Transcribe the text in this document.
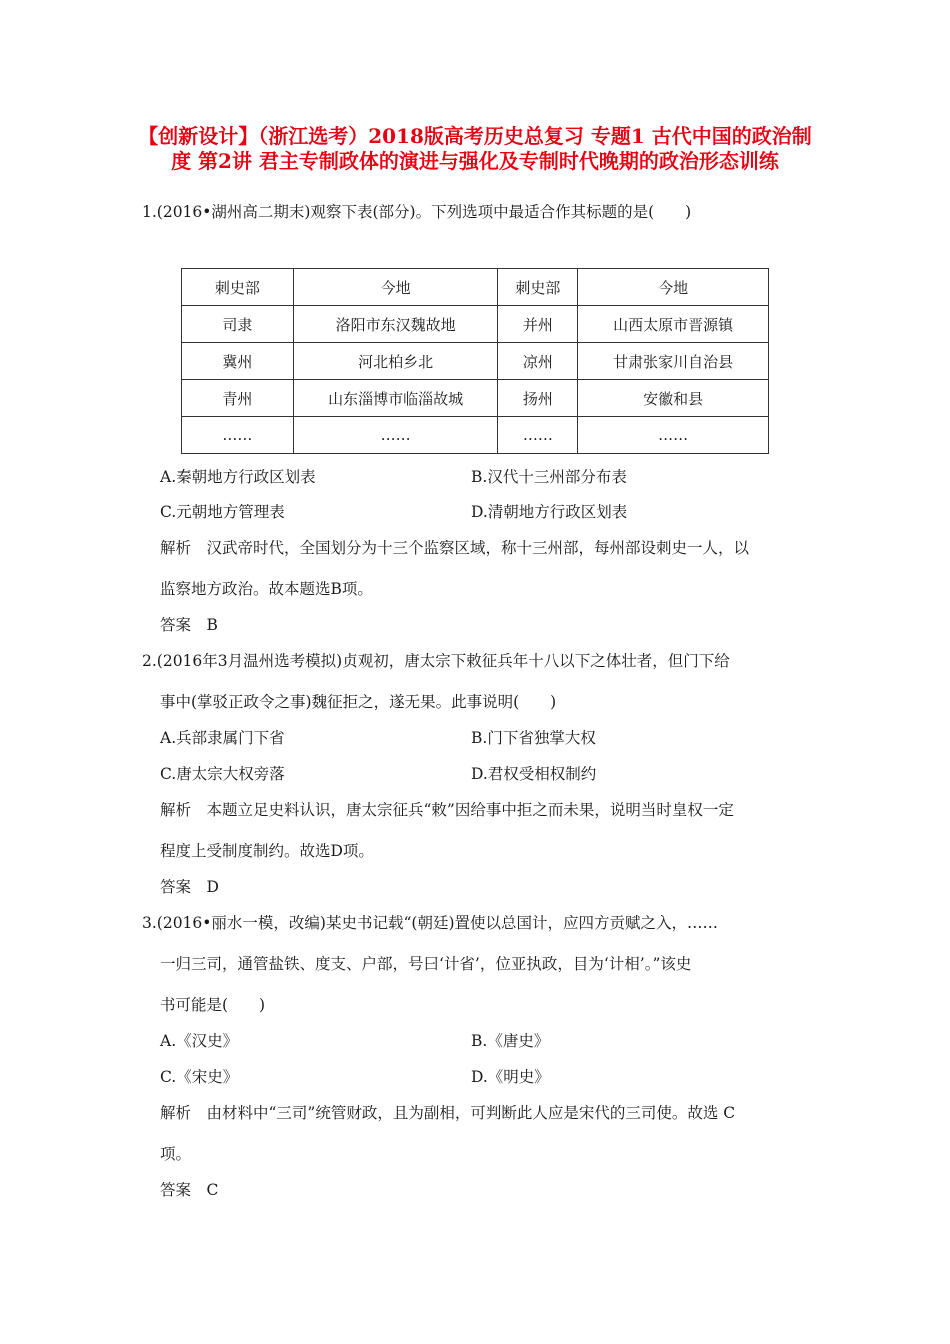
【创新设计】（浙江选考）2018版高考历史总复习 专题1 古代中国的政治制度 第2讲 君主专制政体的演进与强化及专制时代晚期的政治形态训练
1.(2016•湖州高二期末)观察下表(部分)。下列选项中最适合作其标题的是(　　)
刺史部	今地	刺史部	今地
司隶	洛阳市东汉魏故地	并州	山西太原市晋源镇
冀州	河北柏乡北	凉州	甘肃张家川自治县
青州	山东淄博市临淄故城	扬州	安徽和县
……	……	……	……
A.秦朝地方行政区划表	B.汉代十三州部分布表
C.元朝地方管理表	D.清朝地方行政区划表
解析　汉武帝时代，全国划分为十三个监察区域，称十三州部，每州部设刺史一人，以
监察地方政治。故本题选B项。
答案　B
2.(2016年3月温州选考模拟)贞观初，唐太宗下敕征兵年十八以下之体壮者，但门下给
事中(掌驳正政令之事)魏征拒之，遂无果。此事说明(　　)
A.兵部隶属门下省	B.门下省独掌大权
C.唐太宗大权旁落	D.君权受相权制约
解析　本题立足史料认识，唐太宗征兵“敕”因给事中拒之而未果，说明当时皇权一定
程度上受制度制约。故选D项。
答案　D
3.(2016•丽水一模，改编)某史书记载“(朝廷)置使以总国计，应四方贡赋之入，……
一归三司，通管盐铁、度支、户部，号曰‘计省’，位亚执政，目为‘计相’。”该史
书可能是(　　)
A.《汉史》	B.《唐史》
C.《宋史》	D.《明史》
解析　由材料中“三司”统管财政，且为副相，可判断此人应是宋代的三司使。故选 C
项。
答案　C
